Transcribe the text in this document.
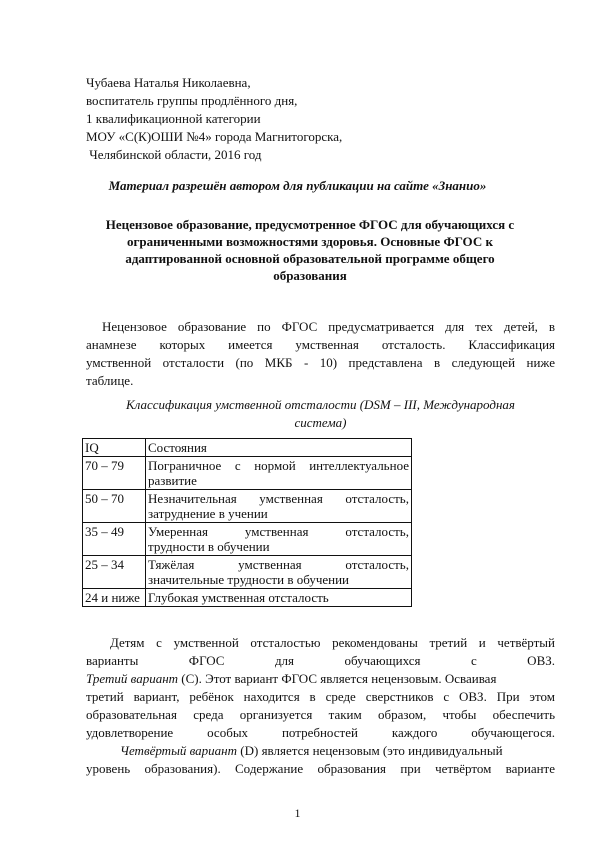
Чубаева Наталья Николаевна,
воспитатель группы продлённого дня,
1 квалификационной категории
МОУ «С(К)ОШИ №4» города Магнитогорска,
Челябинской области, 2016 год
Материал разрешён автором для публикации на сайте «Знанио»
Нецензовое образование, предусмотренное ФГОС для обучающихся с
ограниченными возможностями здоровья. Основные ФГОС к
адаптированной основной образовательной программе общего
образования
Нецензовое образование по ФГОС предусматривается для тех детей, в
анамнезе которых имеется умственная отсталость. Классификация
умственной отсталости (по МКБ - 10) представлена в следующей ниже
таблице.
Классификация умственной отсталости (DSM – III, Международная
система)
IQ	Состояния
70 – 79	Пограничное с нормой интеллектуальное
развитие

50 – 70	Незначительная умственная отсталость,
затруднение в учении

35 – 49	Умеренная умственная отсталость,
трудности в обучении

25 – 34	Тяжёлая умственная отсталость,
значительные трудности в обучении

24 и ниже	Глубокая умственная отсталость
Детям с умственной отсталостью рекомендованы третий и четвёртый
варианты ФГОС для обучающихся с ОВЗ.
Третий вариант (С). Этот вариант ФГОС является нецензовым. Осваивая
третий вариант, ребёнок находится в среде сверстников с ОВЗ. При этом
образовательная среда организуется таким образом, чтобы обеспечить
удовлетворение особых потребностей каждого обучающегося.
Четвёртый вариант (D) является нецензовым (это индивидуальный
уровень образования). Содержание образования при четвёртом варианте
1
